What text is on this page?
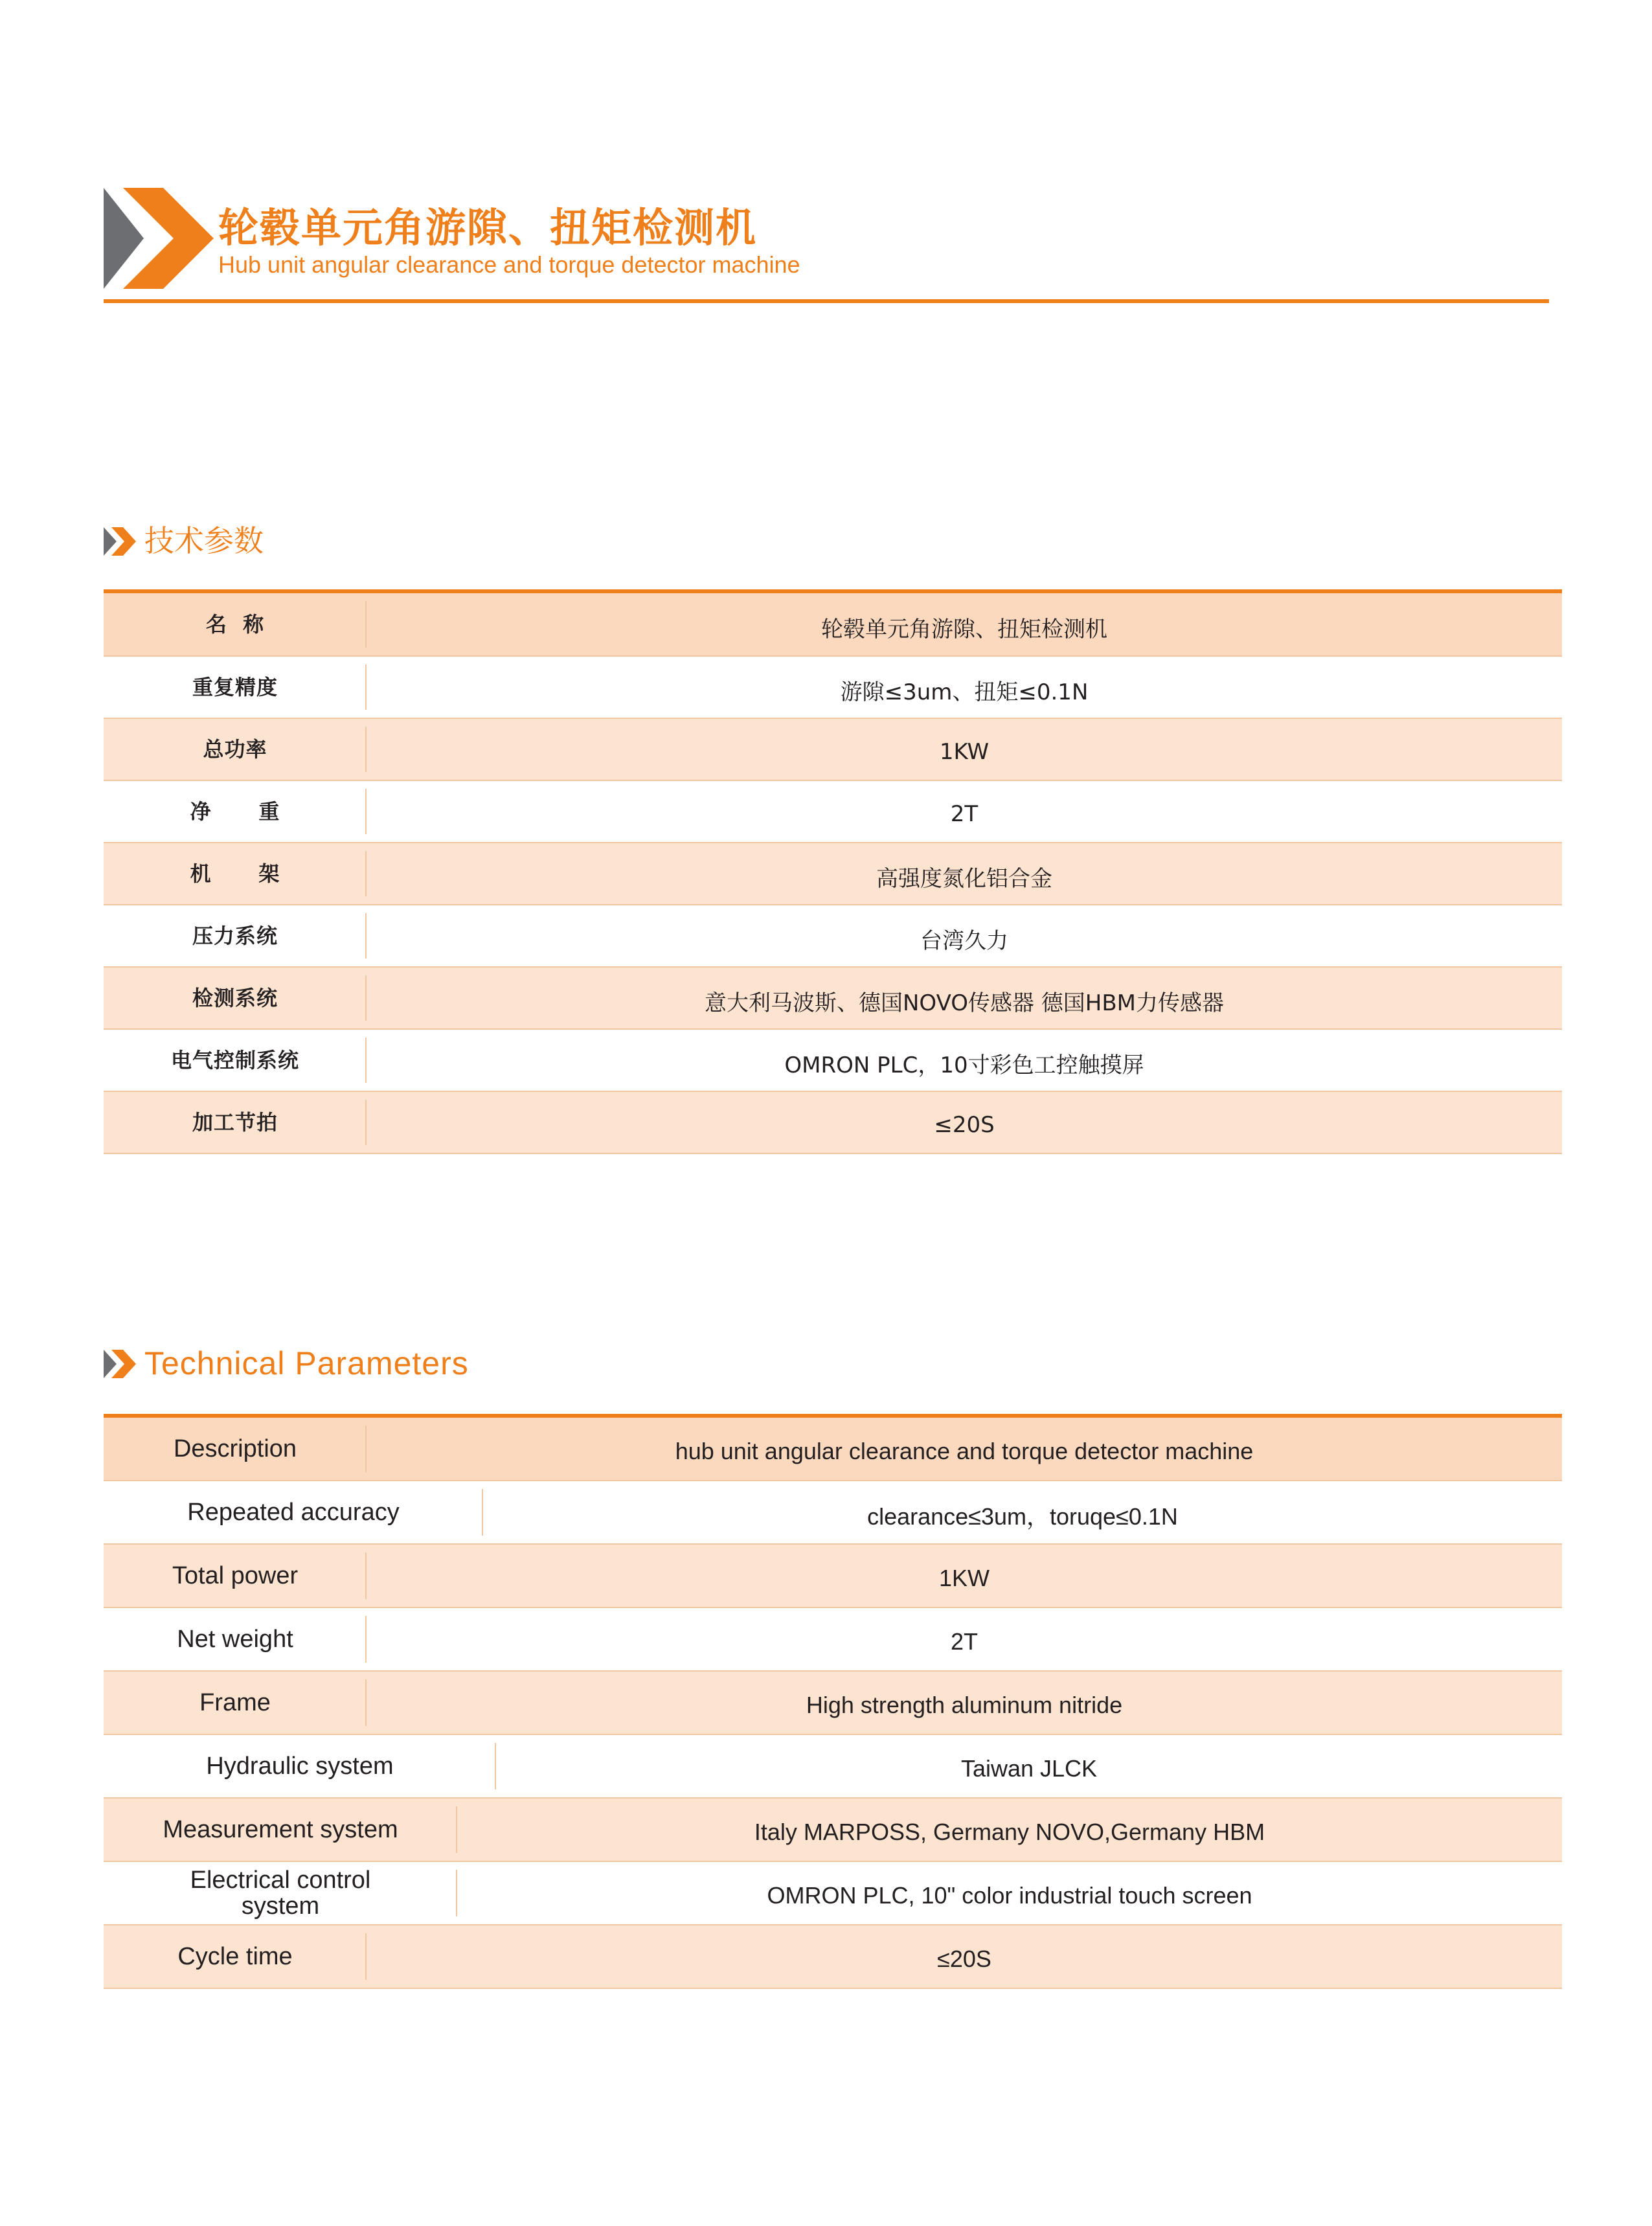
轮毂单元角游隙、扭矩检测机
Hub unit angular clearance and torque detector machine
技术参数
名  称	轮毂单元角游隙、扭矩检测机
重复精度	游隙≤3um、扭矩≤0.1N
总功率	1KW
净      重	2T
机      架	高强度氮化铝合金
压力系统	台湾久力
检测系统	意大利马波斯、德国NOVO传感器 德国HBM力传感器
电气控制系统	OMRON PLC，10寸彩色工控触摸屏
加工节拍	≤20S
Technical Parameters
Description	hub unit angular clearance and torque detector machine
Repeated accuracy	clearance≤3um，toruqe≤0.1N
Total power	1KW
Net weight	2T
Frame	High strength aluminum nitride
Hydraulic system	Taiwan JLCK
Measurement system	Italy MARPOSS, Germany NOVO,Germany HBM
Electrical control system	OMRON PLC, 10" color industrial touch screen
Cycle time	≤20S
